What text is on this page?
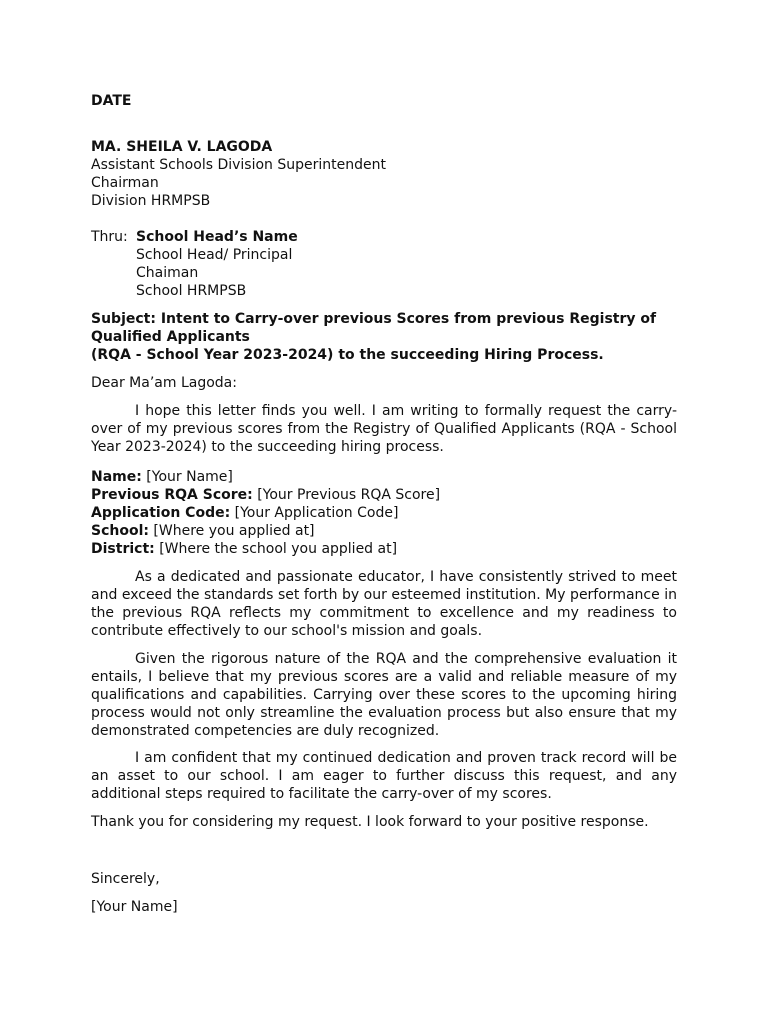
DATE
MA. SHEILA V. LAGODA
Assistant Schools Division Superintendent
Chairman
Division HRMPSB
Thru: School Head’s Name
School Head/ Principal
Chaiman
School HRMPSB
Subject: Intent to Carry-over previous Scores from previous Registry of
Qualified Applicants
(RQA - School Year 2023-2024) to the succeeding Hiring Process.
Dear Ma’am Lagoda:

I hope this letter finds you well. I am writing to formally request the carry-over of my previous scores from the Registry of Qualified Applicants (RQA - School Year 2023-2024) to the succeeding hiring process.

Name: [Your Name]
Previous RQA Score: [Your Previous RQA Score]
Application Code: [Your Application Code]
School: [Where you applied at]
District: [Where the school you applied at]

As a dedicated and passionate educator, I have consistently strived to meet and exceed the standards set forth by our esteemed institution. My performance in the previous RQA reflects my commitment to excellence and my readiness to contribute effectively to our school's mission and goals.

Given the rigorous nature of the RQA and the comprehensive evaluation it entails, I believe that my previous scores are a valid and reliable measure of my qualifications and capabilities. Carrying over these scores to the upcoming hiring process would not only streamline the evaluation process but also ensure that my demonstrated competencies are duly recognized.

I am confident that my continued dedication and proven track record will be an asset to our school. I am eager to further discuss this request, and any additional steps required to facilitate the carry-over of my scores.

Thank you for considering my request. I look forward to your positive response.
Sincerely,
[Your Name]
